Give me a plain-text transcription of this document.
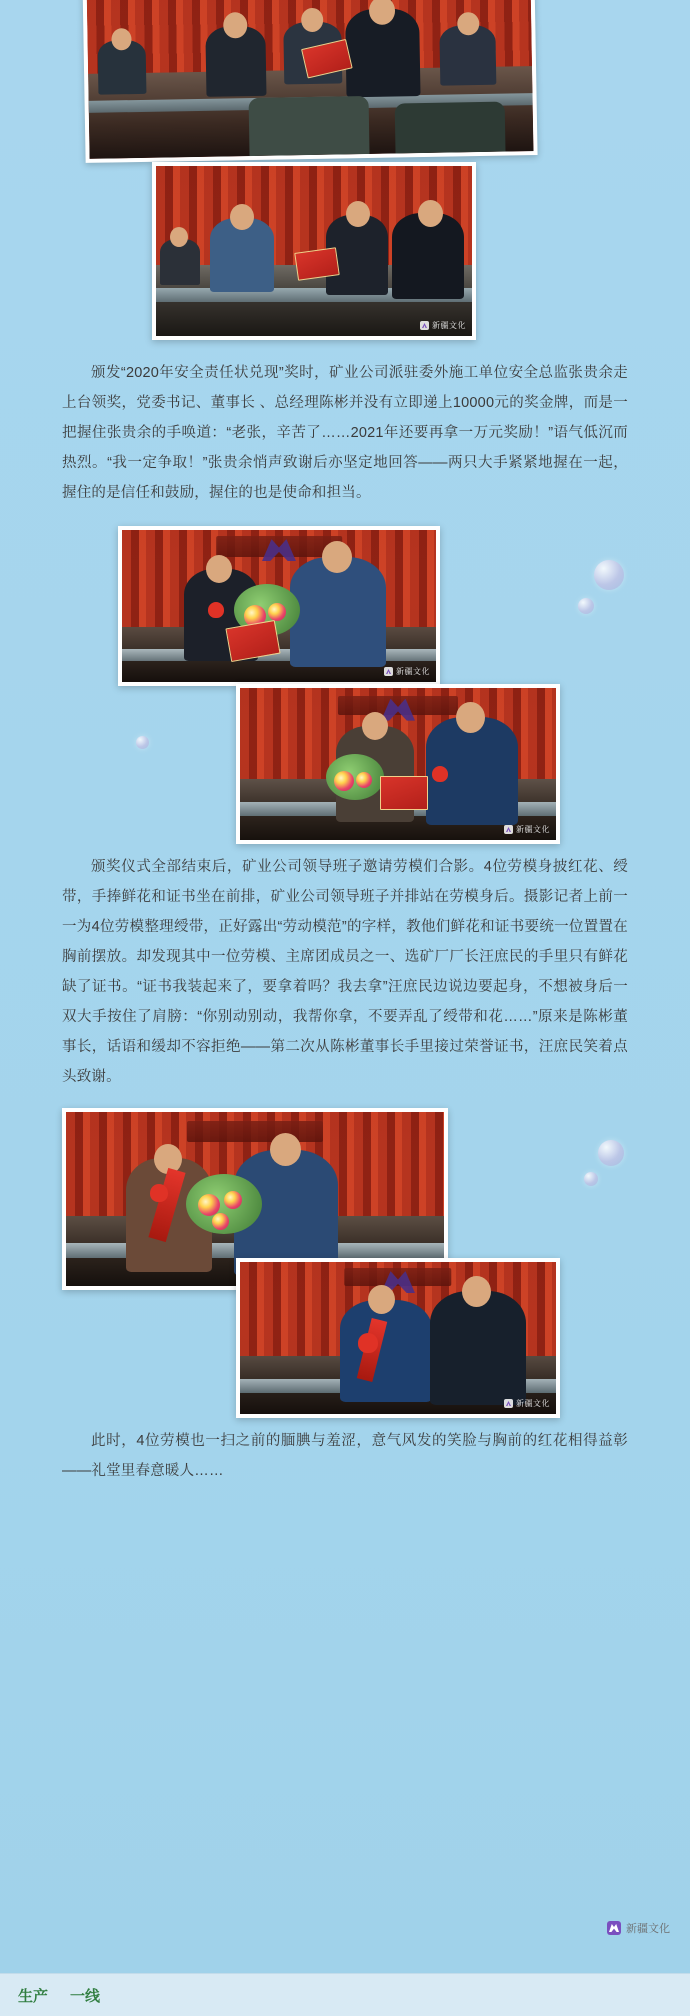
新疆文化
颁发“2020年安全责任状兑现”奖时，矿业公司派驻委外施工单位安全总监张贵余走上台领奖，党委书记、董事长 、总经理陈彬并没有立即递上10000元的奖金牌，而是一把握住张贵余的手唤道：“老张，辛苦了……2021年还要再拿一万元奖励！”语气低沉而热烈。“我一定争取！”张贵余悄声致谢后亦坚定地回答——两只大手紧紧地握在一起，握住的是信任和鼓励，握住的也是使命和担当。
新疆文化
新疆文化
颁奖仪式全部结束后，矿业公司领导班子邀请劳模们合影。4位劳模身披红花、绶带，手捧鲜花和证书坐在前排，矿业公司领导班子并排站在劳模身后。摄影记者上前一一为4位劳模整理绶带，正好露出“劳动模范”的字样，教他们鲜花和证书要统一位置置在胸前摆放。却发现其中一位劳模、主席团成员之一、选矿厂厂长汪庶民的手里只有鲜花缺了证书。“证书我装起来了，要拿着吗？我去拿”汪庶民边说边要起身，不想被身后一双大手按住了肩膀：“你别动别动，我帮你拿，不要弄乱了绶带和花……”原来是陈彬董事长，话语和缓却不容拒绝——第二次从陈彬董事长手里接过荣誉证书，汪庶民笑着点头致谢。
新疆文化
此时，4位劳模也一扫之前的腼腆与羞涩，意气风发的笑脸与胸前的红花相得益彰——礼堂里春意暖人……
新疆文化
生产 一线
